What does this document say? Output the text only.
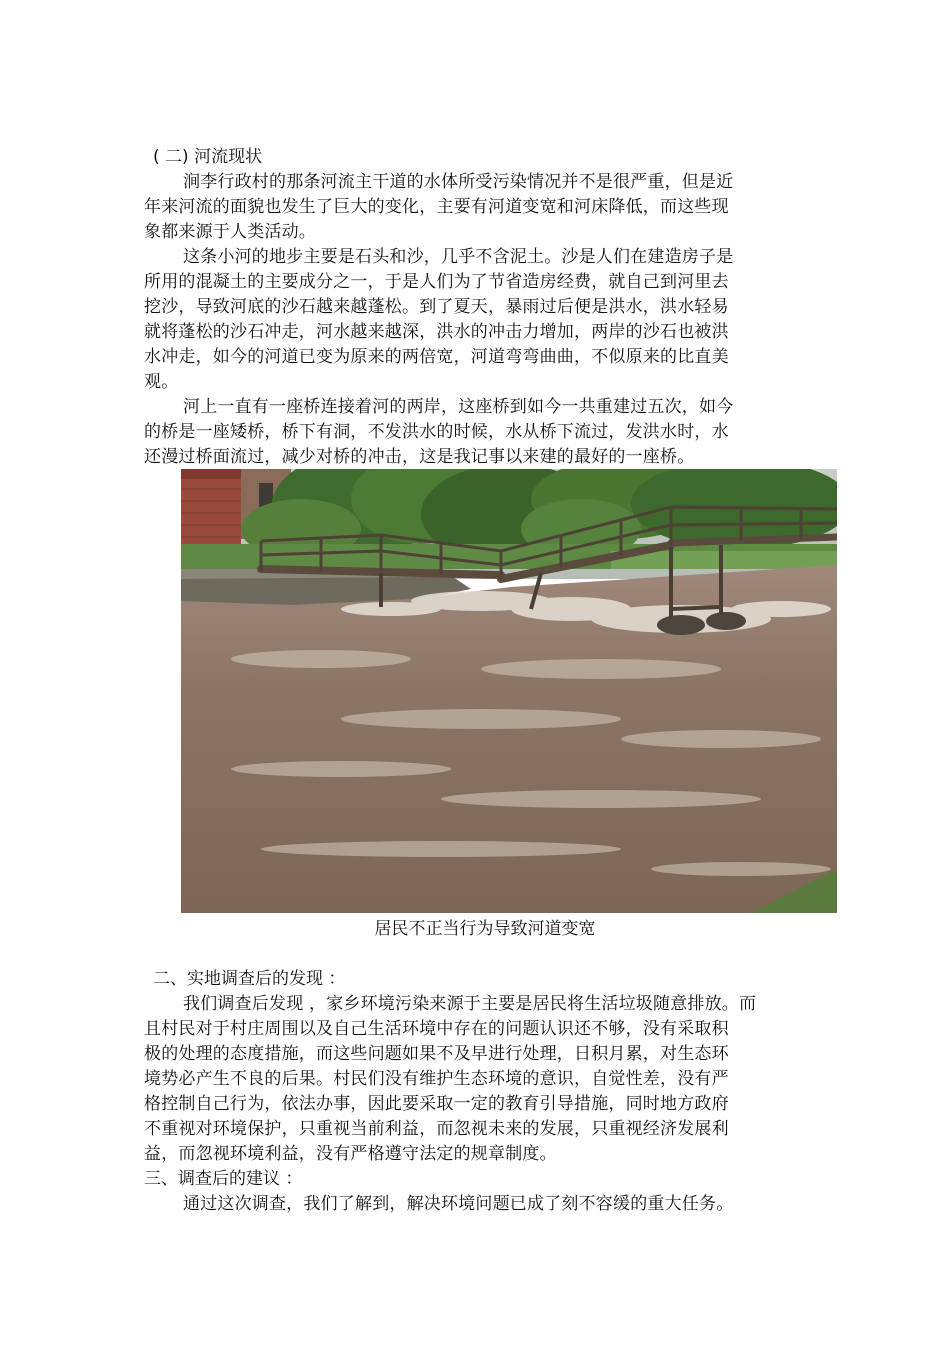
( 二) 河流现状
涧李行政村的那条河流主干道的水体所受污染情况并不是很严重，但是近
年来河流的面貌也发生了巨大的变化，主要有河道变宽和河床降低，而这些现
象都来源于人类活动。
这条小河的地步主要是石头和沙，几乎不含泥土。沙是人们在建造房子是
所用的混凝土的主要成分之一，于是人们为了节省造房经费，就自己到河里去
挖沙，导致河底的沙石越来越蓬松。到了夏天，暴雨过后便是洪水，洪水轻易
就将蓬松的沙石冲走，河水越来越深，洪水的冲击力增加，两岸的沙石也被洪
水冲走，如今的河道已变为原来的两倍宽，河道弯弯曲曲，不似原来的比直美
观。
河上一直有一座桥连接着河的两岸，这座桥到如今一共重建过五次，如今
的桥是一座矮桥，桥下有洞，不发洪水的时候，水从桥下流过，发洪水时，水
还漫过桥面流过，减少对桥的冲击，这是我记事以来建的最好的一座桥。
居民不正当行为导致河道变宽
二、实地调查后的发现 ：
我们调查后发现 ，家乡环境污染来源于主要是居民将生活垃圾随意排放。而
且村民对于村庄周围以及自己生活环境中存在的问题认识还不够，没有采取积
极的处理的态度措施，而这些问题如果不及早进行处理，日积月累，对生态环
境势必产生不良的后果。村民们没有维护生态环境的意识，自觉性差，没有严
格控制自己行为，依法办事，因此要采取一定的教育引导措施，同时地方政府
不重视对环境保护，只重视当前利益，而忽视未来的发展，只重视经济发展利
益，而忽视环境利益，没有严格遵守法定的规章制度。
三、调查后的建议 ：
通过这次调查，我们了解到，解决环境问题已成了刻不容缓的重大任务。
